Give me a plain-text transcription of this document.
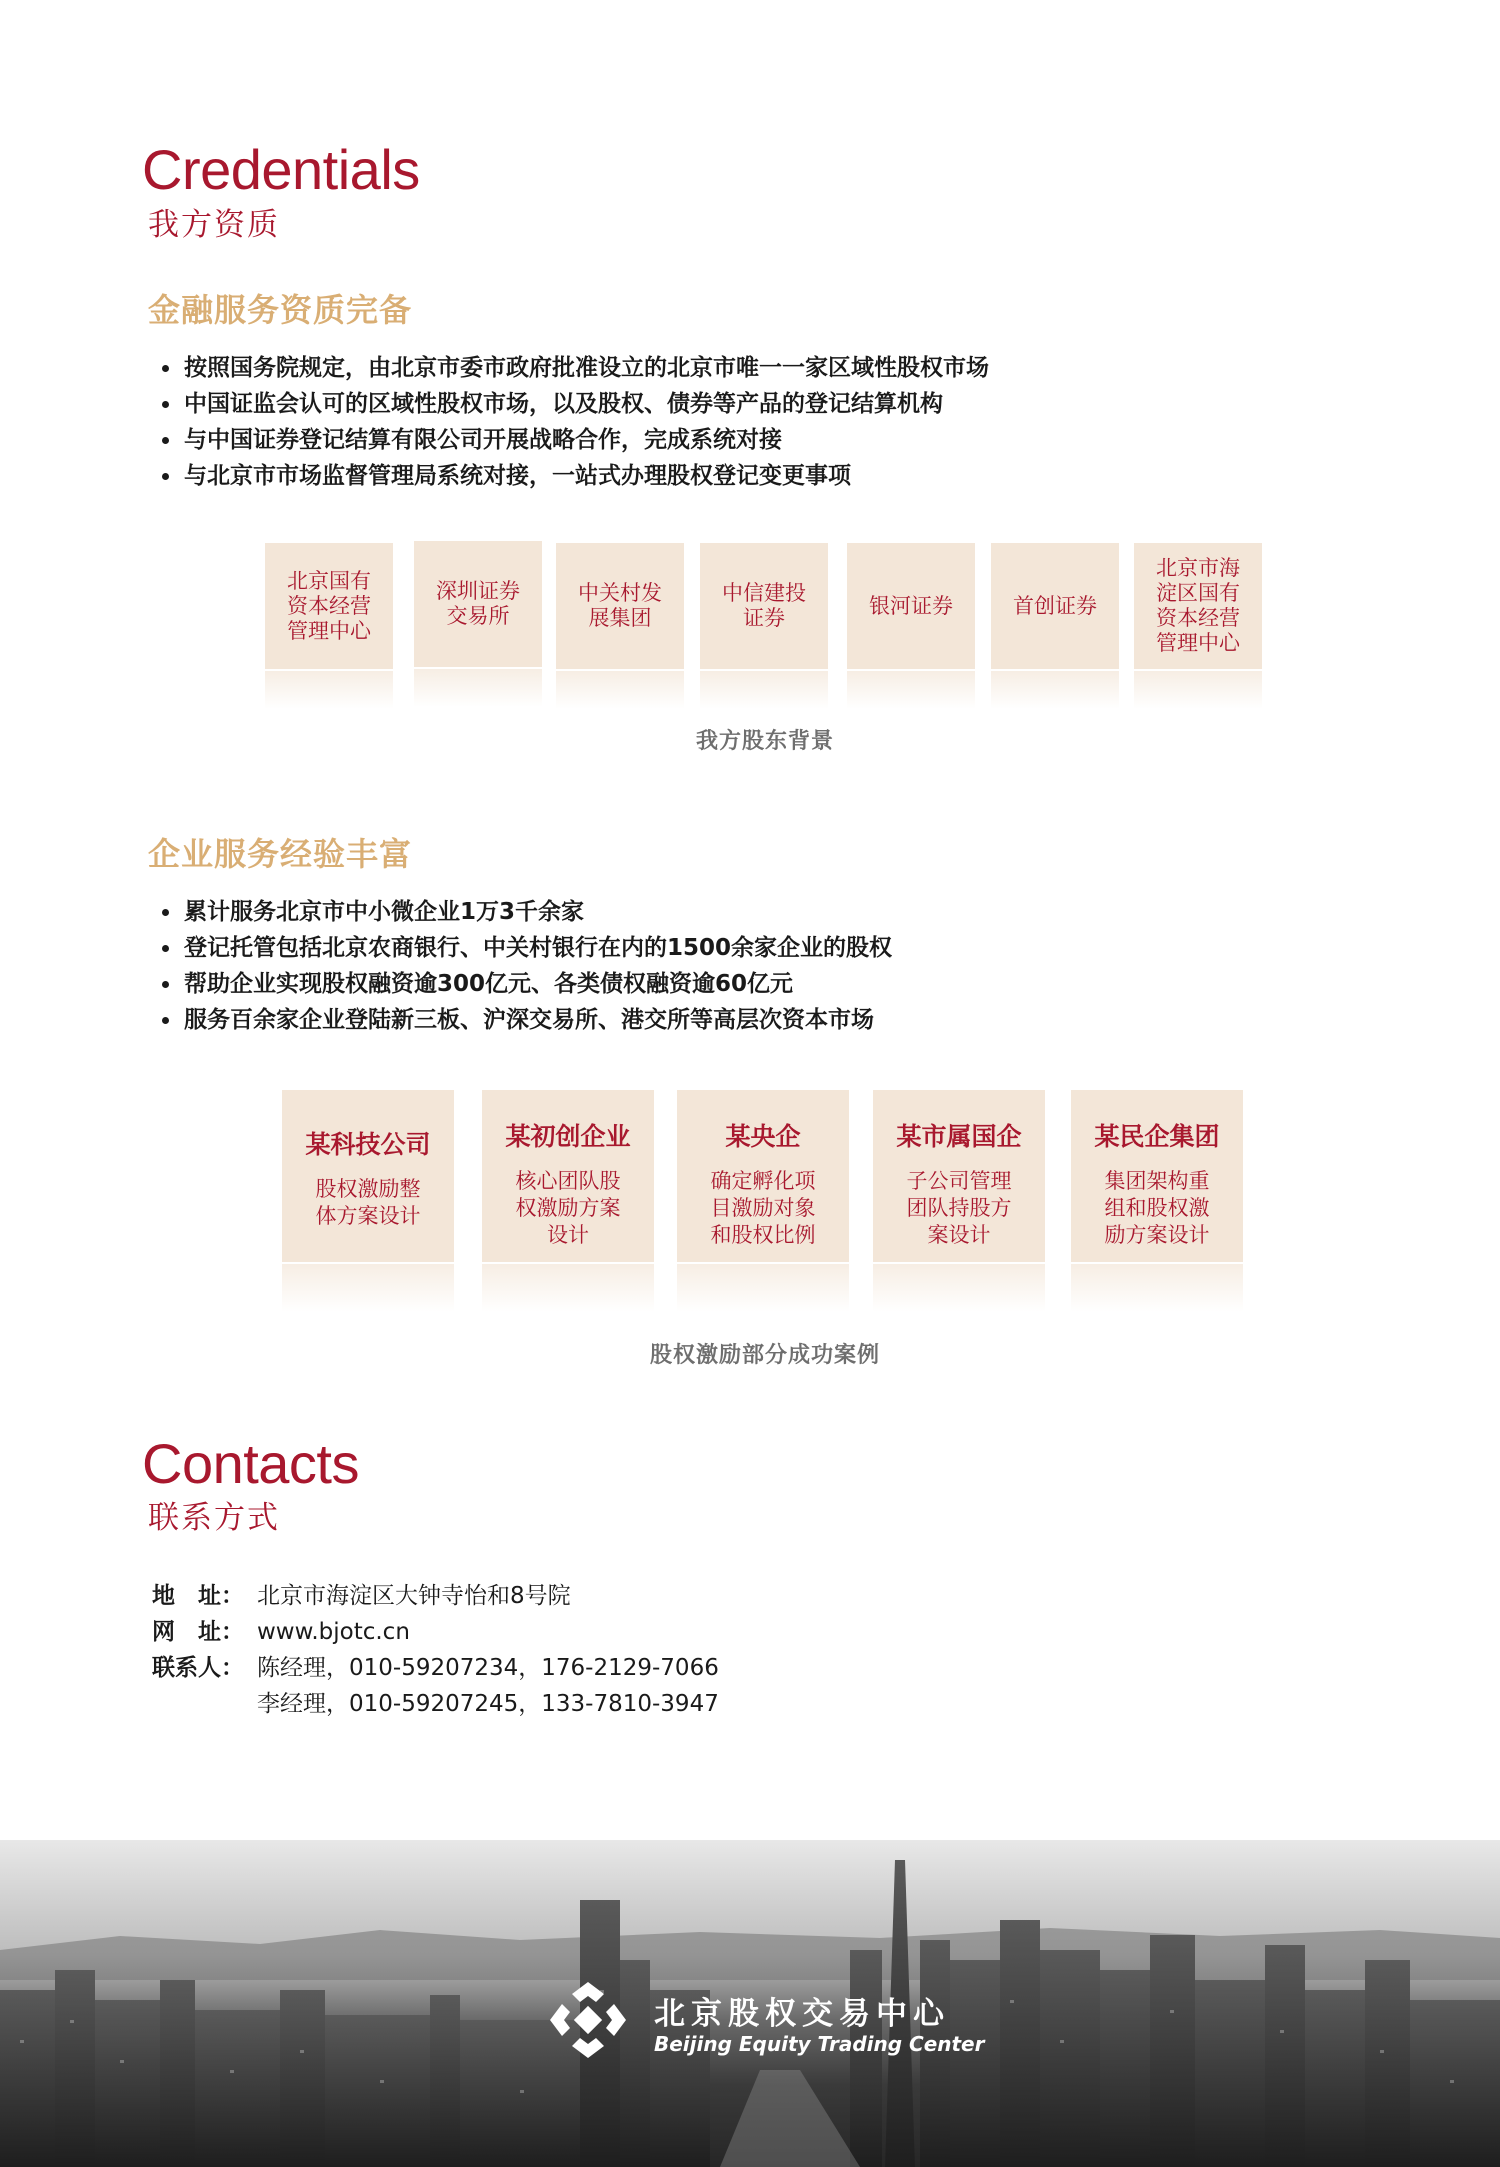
Credentials
我方资质
金融服务资质完备
按照国务院规定，由北京市委市政府批准设立的北京市唯一一家区域性股权市场
中国证监会认可的区域性股权市场，以及股权、债券等产品的登记结算机构
与中国证券登记结算有限公司开展战略合作，完成系统对接
与北京市市场监督管理局系统对接，一站式办理股权登记变更事项
北京国有
资本经营
管理中心
深圳证券
交易所
中关村发
展集团
中信建投
证券
银河证券	首创证券
北京市海
淀区国有
资本经营
管理中心
我方股东背景
企业服务经验丰富
累计服务北京市中小微企业1万3千余家
登记托管包括北京农商银行、中关村银行在内的1500余家企业的股权
帮助企业实现股权融资逾300亿元、各类债权融资逾60亿元
服务百余家企业登陆新三板、沪深交易所、港交所等高层次资本市场
某科技公司
股权激励整
体方案设计
某初创企业
核心团队股
权激励方案
设计
某央企
确定孵化项
目激励对象
和股权比例
某市属国企
子公司管理
团队持股方
案设计
某民企集团
集团架构重
组和股权激
励方案设计
股权激励部分成功案例
Contacts
联系方式
地　址： 北京市海淀区大钟寺怡和8号院
网　址： www.bjotc.cn
联系人： 陈经理，010-59207234，176-2129-7066
李经理，010-59207245，133-7810-3947
北京股权交易中心
Beijing Equity Trading Center
